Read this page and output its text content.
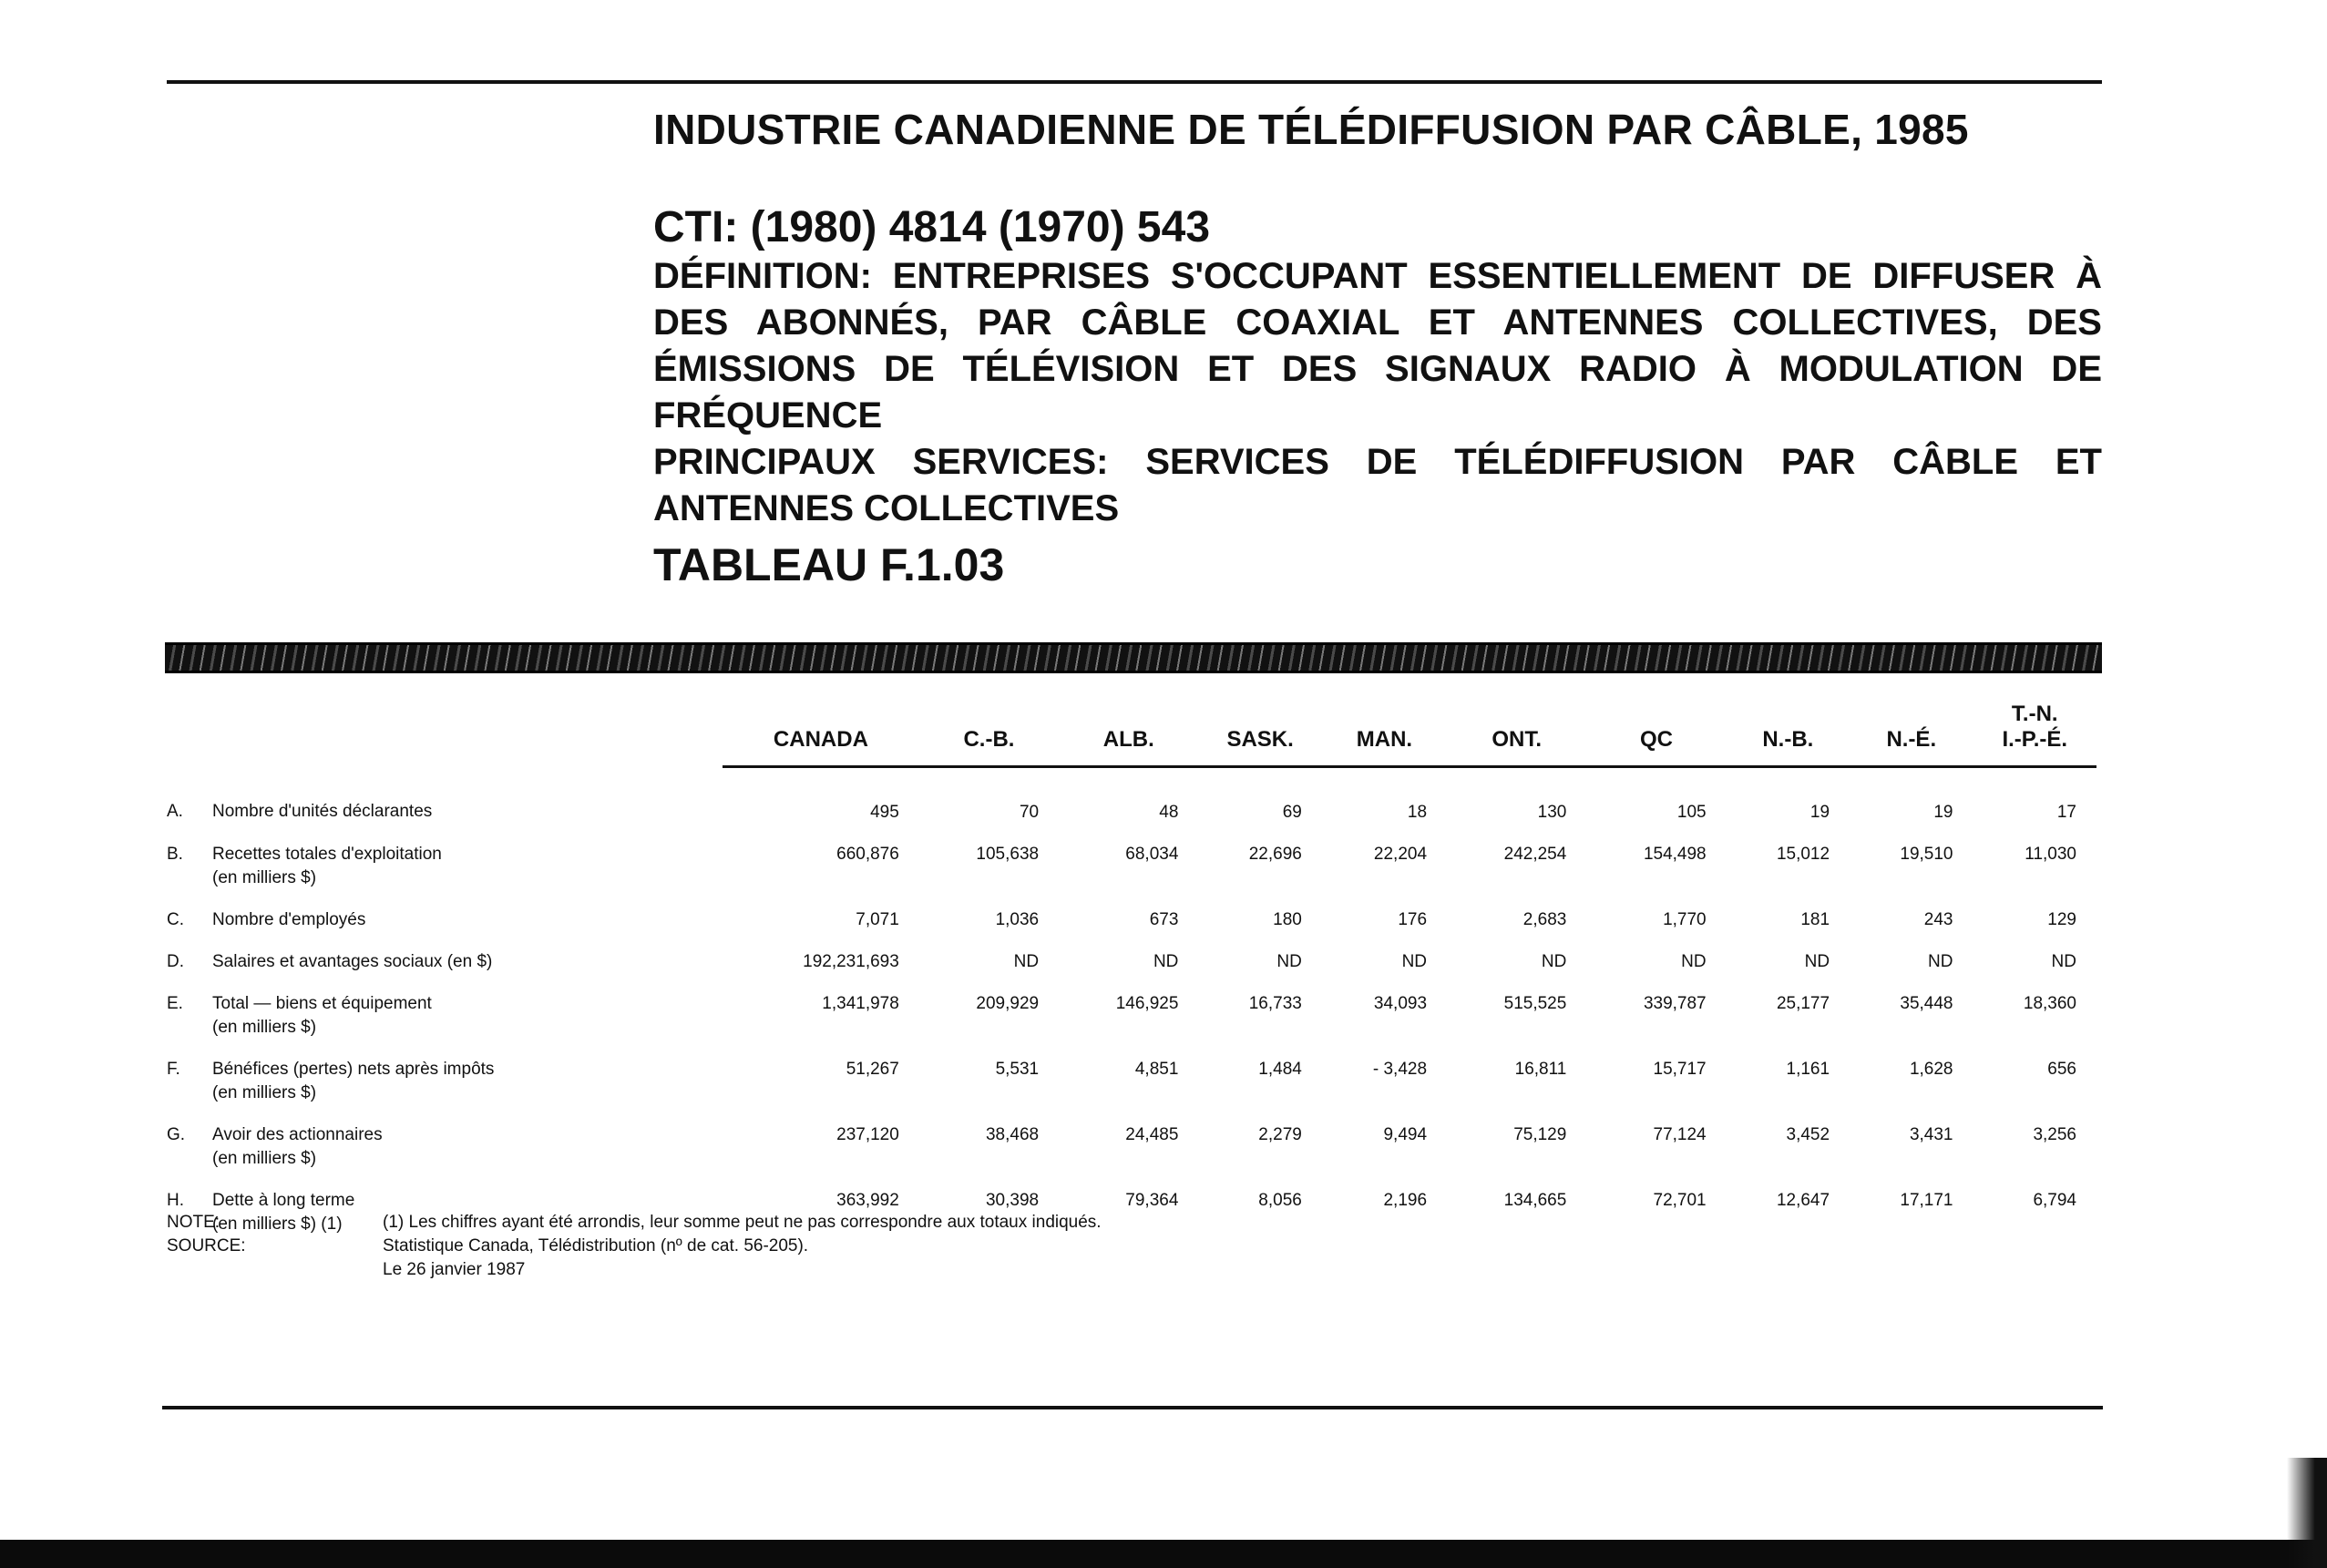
INDUSTRIE CANADIENNE DE TÉLÉDIFFUSION PAR CÂBLE, 1985

CTI: (1980) 4814 (1970) 543

DÉFINITION: ENTREPRISES S'OCCUPANT ESSENTIELLEMENT DE DIFFUSER À DES ABONNÉS, PAR CÂBLE COAXIAL ET ANTENNES COLLECTIVES, DES ÉMISSIONS DE TÉLÉVISION ET DES SIGNAUX RADIO À MODULATION DE FRÉQUENCE

PRINCIPAUX SERVICES: SERVICES DE TÉLÉDIFFUSION PAR CÂBLE ET ANTENNES COLLECTIVES

TABLEAU F.1.03
		CANADA	C.-B.	ALB.	SASK.	MAN.	ONT.	QC	N.-B.	N.-É.	T.-N.
I.-P.-É.

A.	Nombre d'unités déclarantes	495	70	48	69	18	130	105	19	19	17

B.	Recettes totales d'exploitation
(en milliers $)	660,876	105,638	68,034	22,696	22,204	242,254	154,498	15,012	19,510	11,030

C.	Nombre d'employés	7,071	1,036	673	180	176	2,683	1,770	181	243	129

D.	Salaires et avantages sociaux (en $)	192,231,693	ND	ND	ND	ND	ND	ND	ND	ND	ND

E.	Total — biens et équipement
(en milliers $)	1,341,978	209,929	146,925	16,733	34,093	515,525	339,787	25,177	35,448	18,360

F.	Bénéfices (pertes) nets après impôts
(en milliers $)	51,267	5,531	4,851	1,484	- 3,428	16,811	15,717	1,161	1,628	656

G.	Avoir des actionnaires
(en milliers $)	237,120	38,468	24,485	2,279	9,494	75,129	77,124	3,452	3,431	3,256

H.	Dette à long terme
(en milliers $) (1)	363,992	30,398	79,364	8,056	2,196	134,665	72,701	12,647	17,171	6,794
NOTE:	(1) Les chiffres ayant été arrondis, leur somme peut ne pas correspondre aux totaux indiqués.
SOURCE:	Statistique Canada, Télédistribution (nº de cat. 56-205).
Le 26 janvier 1987
